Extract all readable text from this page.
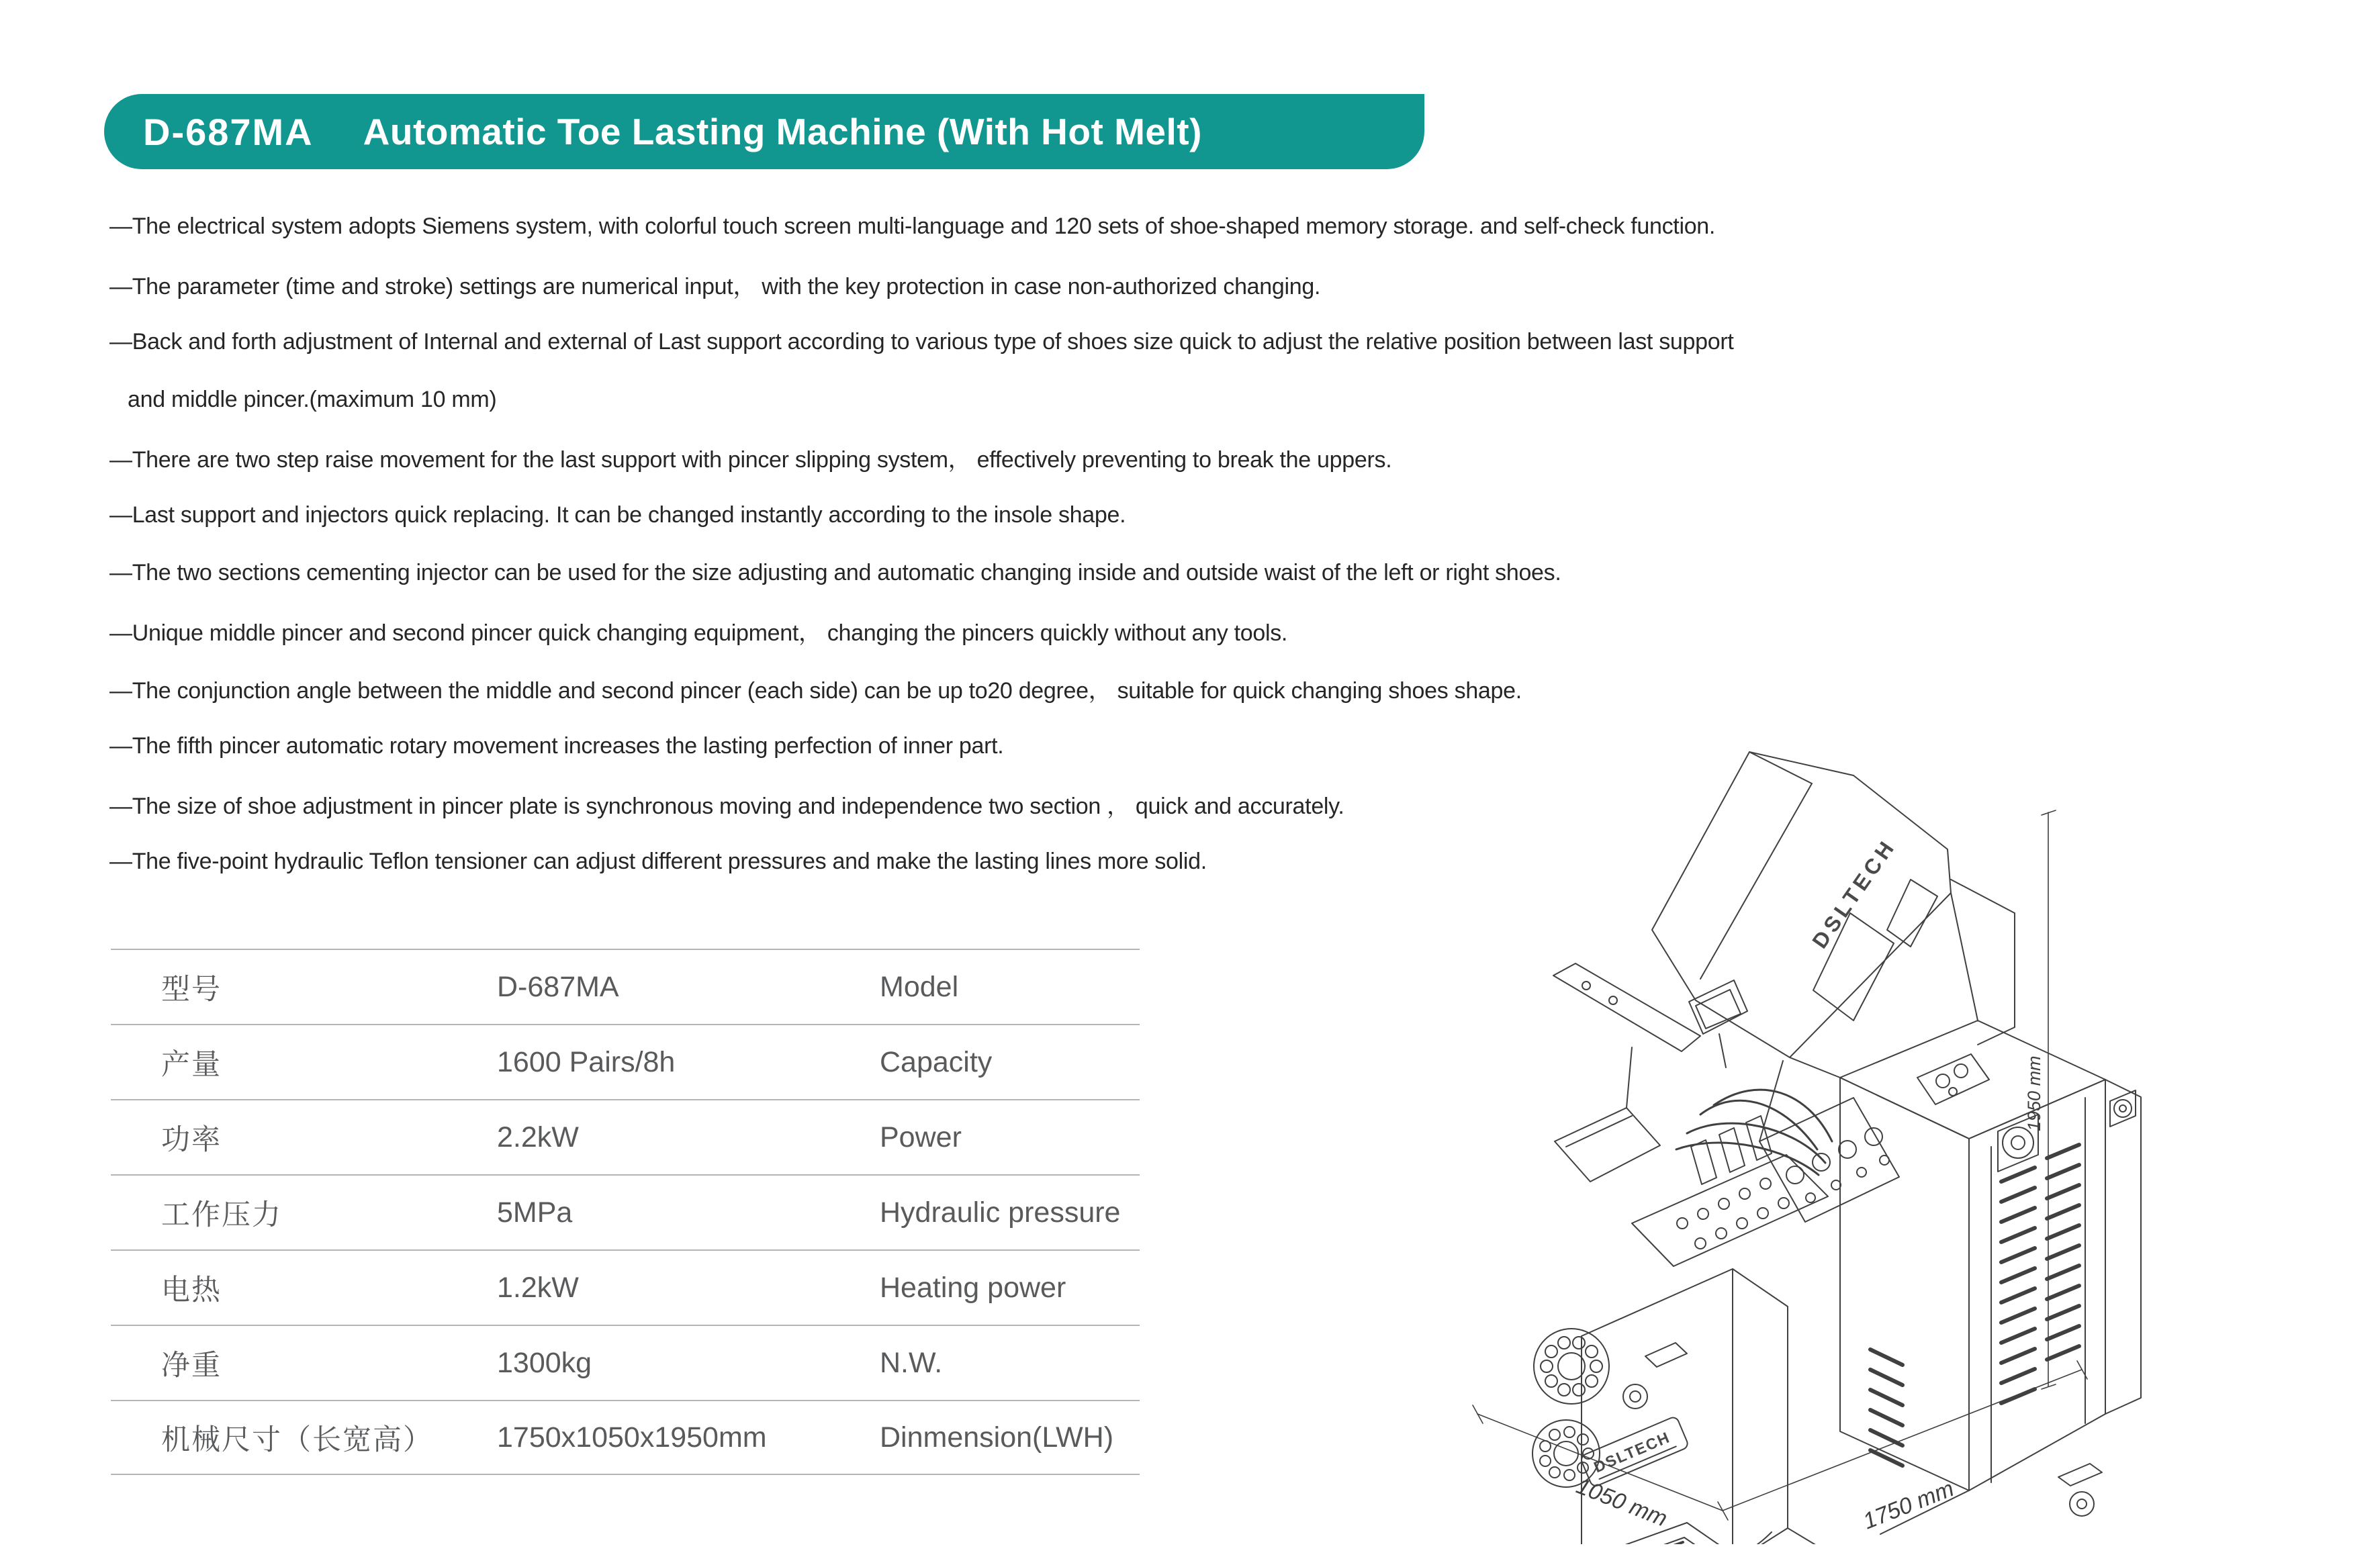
D-687MA Automatic Toe Lasting Machine (With Hot Melt)
—The electrical system adopts Siemens system, with colorful touch screen multi-language and 120 sets of shoe-shaped memory storage. and self-check function.
—The parameter (time and stroke) settings are numerical input， with the key protection in case non-authorized changing.
—Back and forth adjustment of Internal and external of Last support according to various type of shoes size quick to adjust the relative position between last support
and middle pincer.(maximum 10 mm)
—There are two step raise movement for the last support with pincer slipping system， effectively preventing to break the uppers.
—Last support and injectors quick replacing. It can be changed instantly according to the insole shape.
—The two sections cementing injector can be used for the size adjusting and automatic changing inside and outside waist of the left or right shoes.
—Unique middle pincer and second pincer quick changing equipment， changing the pincers quickly without any tools.
—The conjunction angle between the middle and second pincer (each side) can be up to20 degree， suitable for quick changing shoes shape.
—The fifth pincer automatic rotary movement increases the lasting perfection of inner part.
—The size of shoe adjustment in pincer plate is synchronous moving and independence two section ， quick and accurately.
—The five-point hydraulic Teflon tensioner can adjust different pressures and make the lasting lines more solid.
型号	D-687MA	Model
产量	1600 Pairs/8h	Capacity
功率	2.2kW	Power
工作压力	5MPa	Hydraulic pressure
电热	1.2kW	Heating power
净重	1300kg	N.W.
机械尺寸（长宽高）	1750x1050x1950mm	Dinmension(LWH)
DSLTECH
DSLTECH
1950 mm
1050 mm	1750 mm
